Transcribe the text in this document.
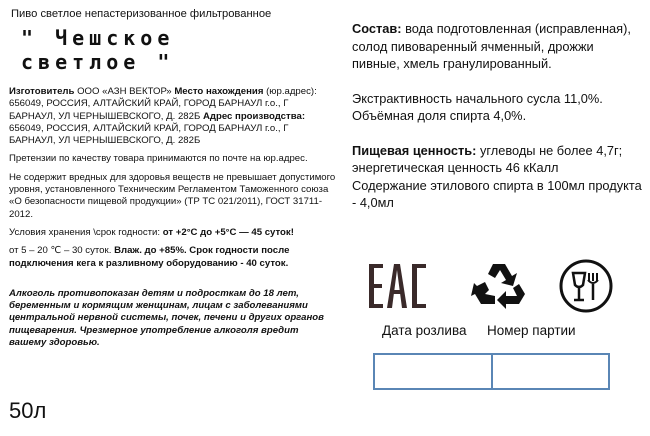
Пиво светлое непастеризованное фильтрованное
" Чешское
светлое "
Изготовитель ООО «АЗН ВЕКТОР» Место нахождения (юр.адрес): 656049, РОССИЯ, АЛТАЙСКИЙ КРАЙ, ГОРОД БАРНАУЛ г.о., Г БАРНАУЛ, УЛ ЧЕРНЫШЕВСКОГО, Д. 282Б Адрес производства: 656049, РОССИЯ, АЛТАЙСКИЙ КРАЙ, ГОРОД БАРНАУЛ г.о., Г БАРНАУЛ, УЛ ЧЕРНЫШЕВСКОГО, Д. 282Б
Претензии по качеству товара принимаются по почте на юр.адрес.
Не содержит вредных для здоровья веществ не превышает допустимого уровня, установленного Техническим Регламентом Таможенного союза «О безопасности пищевой продукции» (ТР ТС 021/2011), ГОСТ 31711-2012.
Условия хранения \срок годности: от +2°С до +5°С — 45 суток!
от 5 – 20 ℃ – 30 суток. Влаж. до +85%. Срок годности после подключения кега к разливному оборудованию - 40 суток.
Алкоголь противопоказан детям и подросткам до 18 лет, беременным и кормящим женщинам, лицам с заболеваниями центральной нервной системы, почек, печени и других органов пищеварения. Чрезмерное употребление алкоголя вредит вашему здоровью.
50л
Состав: вода подготовленная (исправленная), солод пивоваренный ячменный, дрожжи пивные, хмель гранулированный.
Экстрактивность начального сусла 11,0%.
Объёмная доля спирта 4,0%.
Пищевая ценность: углеводы не более 4,7г; энергетическая ценность 46 кКалл
Содержание этилового спирта в 100мл продукта - 4,0мл
Дата розлива Номер партии
